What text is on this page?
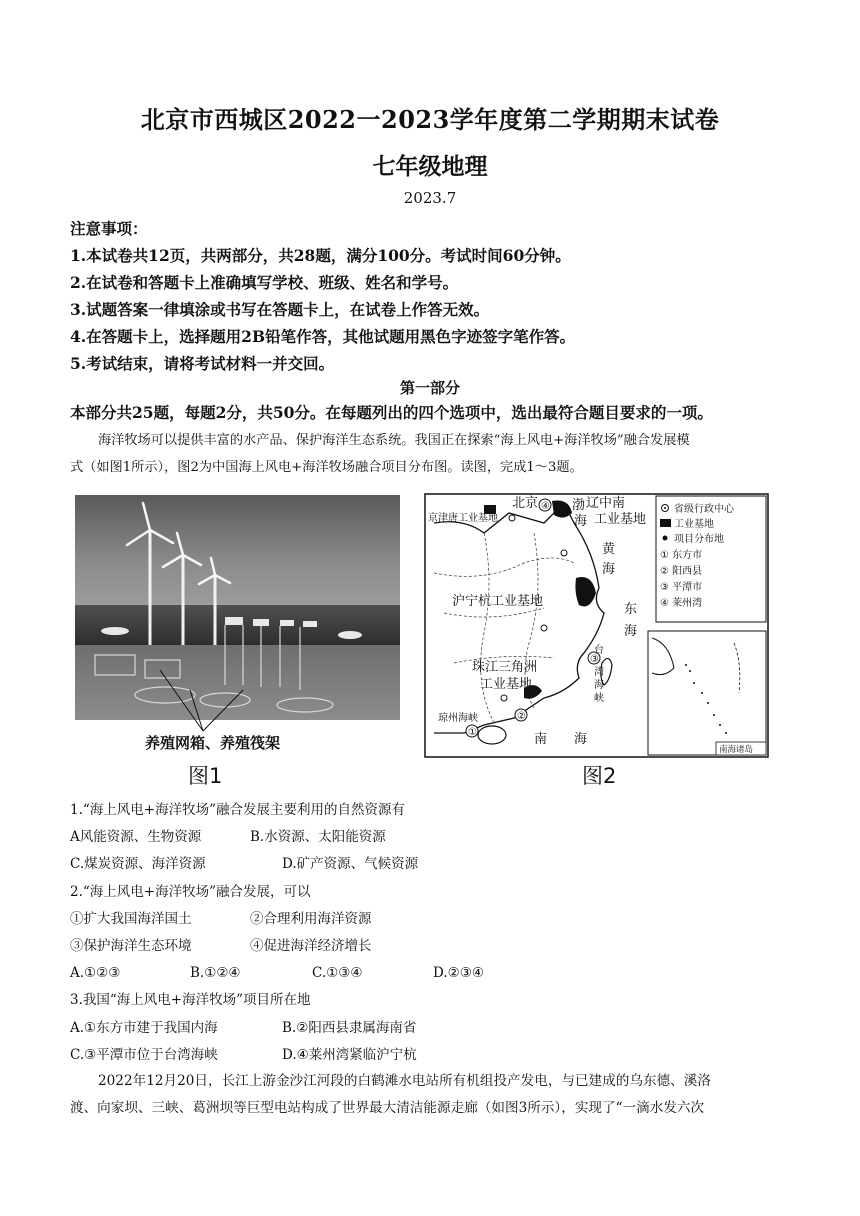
北京市西城区2022一2023学年度第二学期期末试卷
七年级地理
2023.7
注意事项：
1.本试卷共12页，共两部分，共28题，满分100分。考试时间60分钟。
2.在试卷和答题卡上准确填写学校、班级、姓名和学号。
3.试题答案一律填涂或书写在答题卡上，在试卷上作答无效。
4.在答题卡上，选择题用2B铅笔作答，其他试题用黑色字迹签字笔作答。
5.考试结束，请将考试材料一并交回。
第一部分
本部分共25题，每题2分，共50分。在每题列出的四个选项中，选出最符合题目要求的一项。
海洋牧场可以提供丰富的水产品、保护海洋生态系统。我国正在探索“海上风电+海洋牧场”融合发展模
式（如图1所示），图2为中国海上风电+海洋牧场融合项目分布图。读图，完成1～3题。
养殖网箱、养殖筏架
图1
①
②
③
④
北京
京津唐工业基地
渤
海
辽中南
工业基地
黄
海
沪宁杭工业基地
东
海
珠江三角洲
工业基地
台
湾
海
峡
琼州海峡
南 海
省级行政中心
工业基地
项目分布地
① 东方市
② 阳西县
③ 平潭市
④ 莱州湾
南海诸岛
图2
1.“海上风电+海洋牧场”融合发展主要利用的自然资源有
A风能资源、生物资源	B.水资源、太阳能资源
C.煤炭资源、海洋资源	D.矿产资源、气候资源
2.“海上风电+海洋牧场”融合发展，可以
①扩大我国海洋国土	②合理利用海洋资源
③保护海洋生态环境	④促进海洋经济增长
A.①②③	B.①②④	C.①③④	D.②③④
3.我国“海上风电+海洋牧场”项目所在地
A.①东方市建于我国内海	B.②阳西县隶属海南省
C.③平潭市位于台湾海峡	D.④莱州湾紧临沪宁杭
2022年12月20日，长江上游金沙江河段的白鹤滩水电站所有机组投产发电，与已建成的乌东德、溪洛
渡、向家坝、三峡、葛洲坝等巨型电站构成了世界最大清洁能源走廊（如图3所示），实现了“一滴水发六次
